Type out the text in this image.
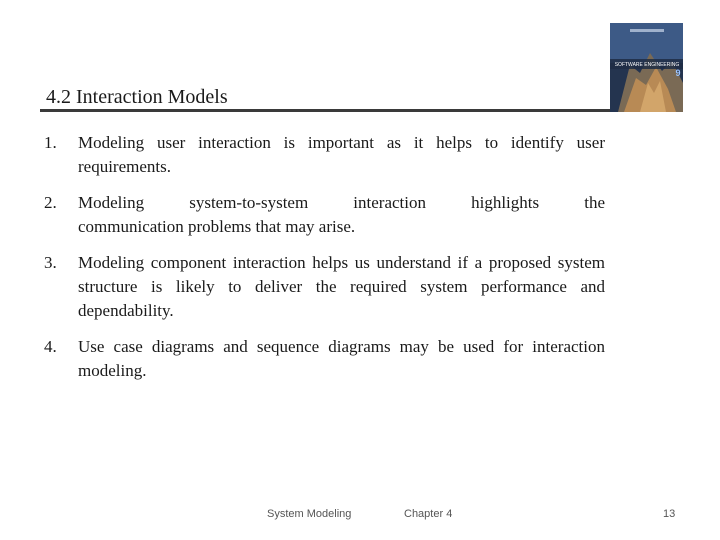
SOFTWARE ENGINEERING
9
4.2 Interaction Models
1. Modeling user interaction is important as it helps to identify user requirements.
2. Modeling system-to-system interaction highlights the
communication problems that may arise.
3. Modeling component interaction helps us understand if a proposed system structure is likely to deliver the required system performance and dependability.
4. Use case diagrams and sequence diagrams may be used for interaction modeling.
System Modeling	Chapter 4	13
